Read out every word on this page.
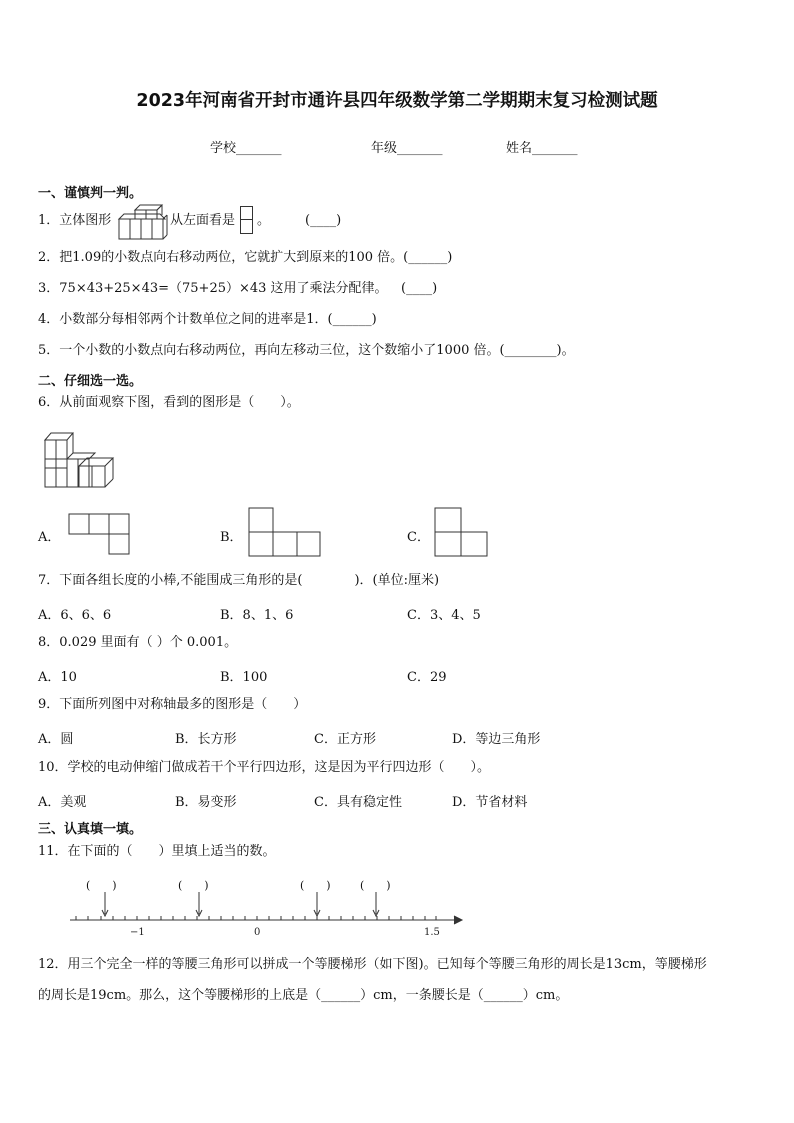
2023年河南省开封市通许县四年级数学第二学期期末复习检测试题
学校_______	年级_______	姓名_______
一、谨慎判一判。
1．立体图形	从左面看是 。	(____)
2．把1.09的小数点向右移动两位，它就扩大到原来的100 倍。(______)
3．75×43+25×43=（75+25）×43 这用了乘法分配律。 (____)
4．小数部分每相邻两个计数单位之间的进率是1．(______)
5．一个小数的小数点向右移动两位，再向左移动三位，这个数缩小了1000 倍。(________)。
二、仔细选一选。
6．从前面观察下图，看到的图形是（　　）。
A．	B．	C．
7．下面各组长度的小棒,不能围成三角形的是(　　　　)．(单位:厘米)
A．6、6、6	B．8、1、6	C．3、4、5
8．0.029 里面有（ ）个 0.001。
A．10	B．100	C．29
9．下面所列图中对称轴最多的图形是（　　）
A．圆	B．长方形	C．正方形	D．等边三角形
10．学校的电动伸缩门做成若干个平行四边形，这是因为平行四边形（　　）。
A．美观	B．易变形	C．具有稳定性	D．节省材料
三、认真填一填。
11．在下面的（　　）里填上适当的数。
(　　)	(　　)	(　　)	(　　)
−1	0	1.5
12．用三个完全一样的等腰三角形可以拼成一个等腰梯形（如下图)。已知每个等腰三角形的周长是13cm，等腰梯形
的周长是19cm。那么，这个等腰梯形的上底是（______）cm，一条腰长是（______）cm。
